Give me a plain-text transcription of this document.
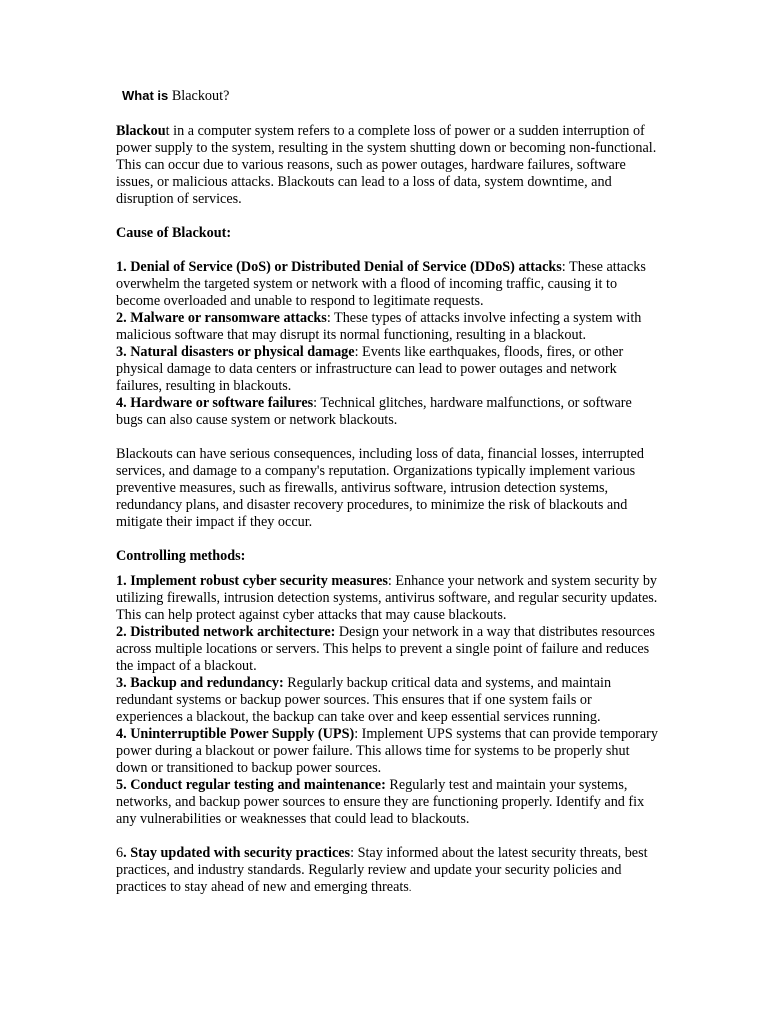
What is Blackout?

Blackout in a computer system refers to a complete loss of power or a sudden interruption of power supply to the system, resulting in the system shutting down or becoming non-functional. This can occur due to various reasons, such as power outages, hardware failures, software issues, or malicious attacks. Blackouts can lead to a loss of data, system downtime, and disruption of services.

Cause of Blackout:

1. Denial of Service (DoS) or Distributed Denial of Service (DDoS) attacks: These attacks overwhelm the targeted system or network with a flood of incoming traffic, causing it to become overloaded and unable to respond to legitimate requests.

2. Malware or ransomware attacks: These types of attacks involve infecting a system with malicious software that may disrupt its normal functioning, resulting in a blackout.

3. Natural disasters or physical damage: Events like earthquakes, floods, fires, or other physical damage to data centers or infrastructure can lead to power outages and network failures, resulting in blackouts.

4. Hardware or software failures: Technical glitches, hardware malfunctions, or software bugs can also cause system or network blackouts.

Blackouts can have serious consequences, including loss of data, financial losses, interrupted services, and damage to a company's reputation. Organizations typically implement various preventive measures, such as firewalls, antivirus software, intrusion detection systems, redundancy plans, and disaster recovery procedures, to minimize the risk of blackouts and mitigate their impact if they occur.

Controlling methods:

1. Implement robust cyber security measures: Enhance your network and system security by utilizing firewalls, intrusion detection systems, antivirus software, and regular security updates. This can help protect against cyber attacks that may cause blackouts.

2. Distributed network architecture: Design your network in a way that distributes resources across multiple locations or servers. This helps to prevent a single point of failure and reduces the impact of a blackout.

3. Backup and redundancy: Regularly backup critical data and systems, and maintain redundant systems or backup power sources. This ensures that if one system fails or experiences a blackout, the backup can take over and keep essential services running.

4. Uninterruptible Power Supply (UPS): Implement UPS systems that can provide temporary power during a blackout or power failure. This allows time for systems to be properly shut down or transitioned to backup power sources.

5. Conduct regular testing and maintenance: Regularly test and maintain your systems, networks, and backup power sources to ensure they are functioning properly. Identify and fix any vulnerabilities or weaknesses that could lead to blackouts.

6. Stay updated with security practices: Stay informed about the latest security threats, best practices, and industry standards. Regularly review and update your security policies and practices to stay ahead of new and emerging threats.
